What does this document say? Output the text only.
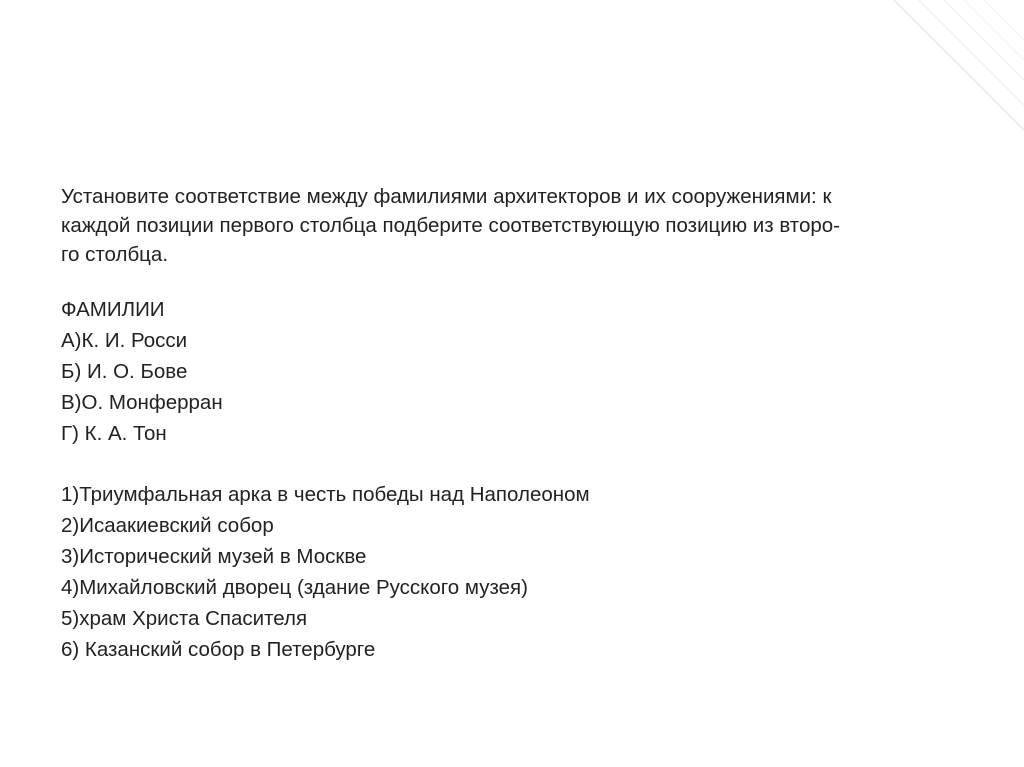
Установите соответствие между фамилиями архитекторов и их сооружениями: к
каждой позиции первого столбца подберите соответствующую позицию из второ-
го столбца.

ФАМИЛИИ

А)К. И. Росси
Б) И. О. Бове
В)О. Монферран
Г) К. А. Тон
1)Триумфальная арка в честь победы над Наполеоном
2)Исаакиевский собор
3)Исторический музей в Москве
4)Михайловский дворец (здание Русского музея)
5)храм Христа Спасителя
6) Казанский собор в Петербурге
